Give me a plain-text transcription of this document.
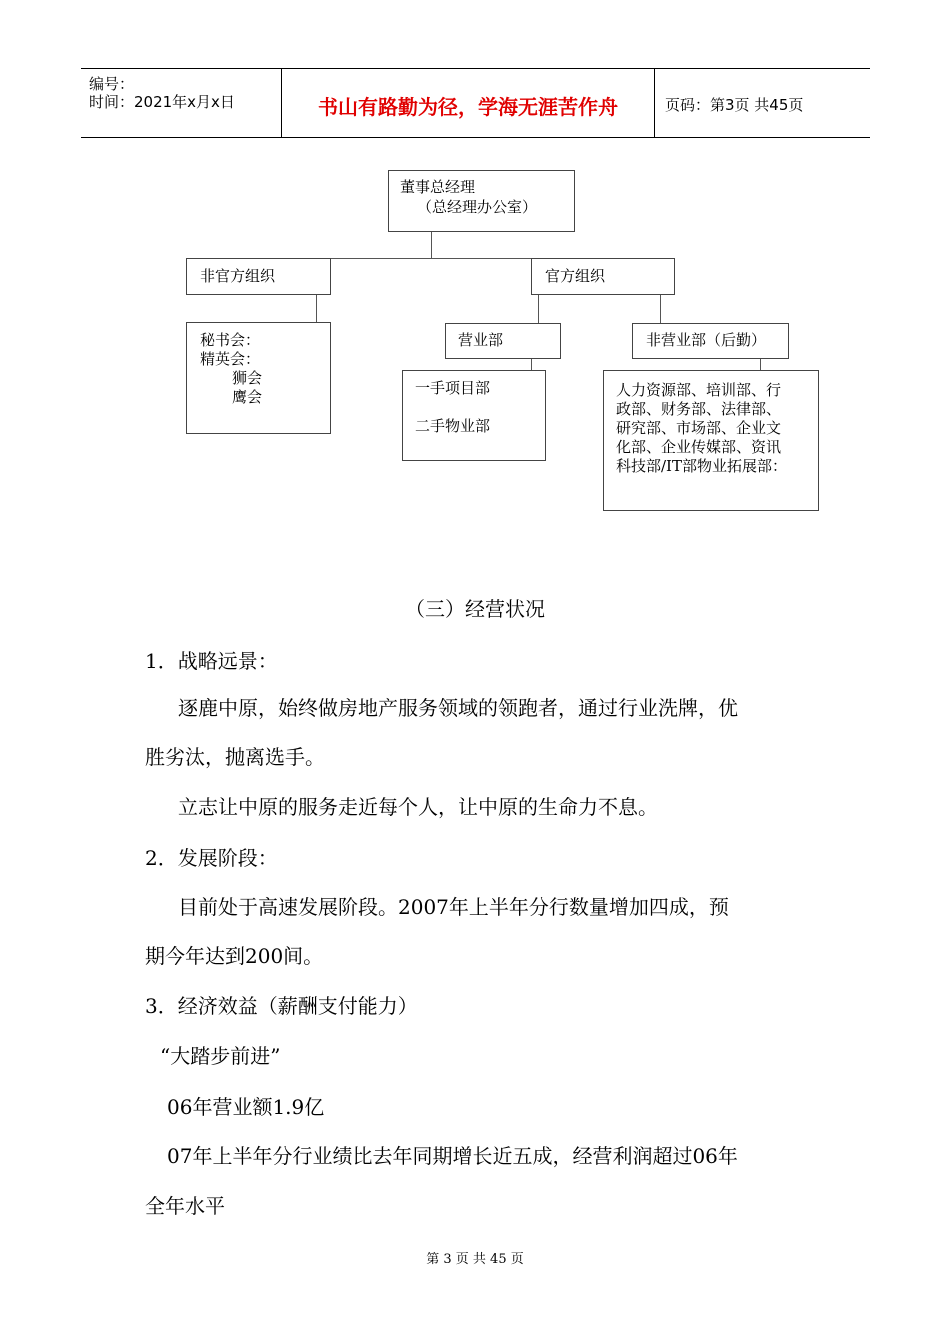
编号：
时间：2021年x月x日	书山有路勤为径，学海无涯苦作舟	页码：第3页 共45页
董事总经理
（总经理办公室）
非官方组织	官方组织
秘书会：
精英会：
狮会
鹰会
营业部	非营业部（后勤）
一手项目部
二手物业部
人力资源部、培训部、行
政部、财务部、法律部、
研究部、市场部、企业文
化部、企业传媒部、资讯
科技部/IT部物业拓展部：
（三）经营状况
1．战略远景：
逐鹿中原，始终做房地产服务领域的领跑者，通过行业洗牌，优
胜劣汰，抛离选手。
立志让中原的服务走近每个人，让中原的生命力不息。
2．发展阶段：
目前处于高速发展阶段。2007年上半年分行数量增加四成，预
期今年达到200间。
3．经济效益（薪酬支付能力）
“大踏步前进”
06年营业额1.9亿
07年上半年分行业绩比去年同期增长近五成，经营利润超过06年
全年水平
第 3 页 共 45 页
